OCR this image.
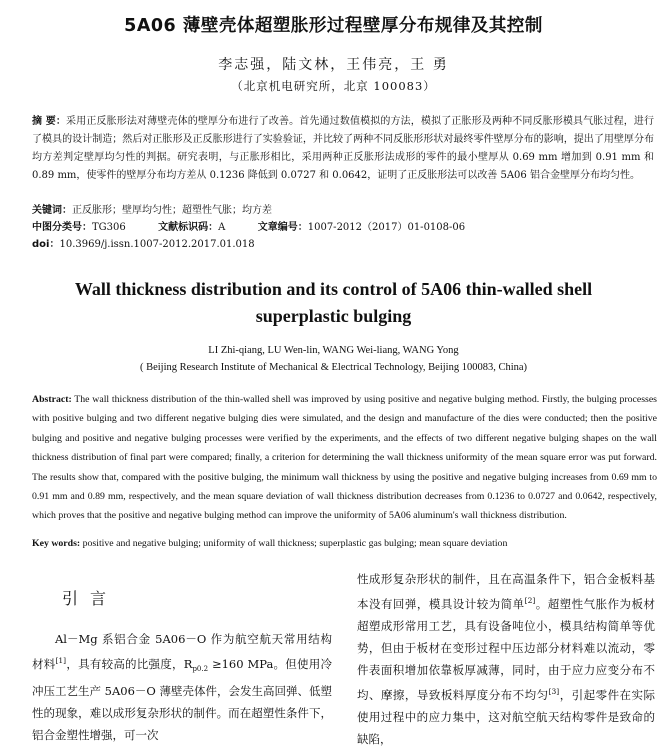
5A06 薄壁壳体超塑胀形过程壁厚分布规律及其控制
李志强，陆文林，王伟亮，王 勇
（北京机电研究所，北京 100083）
摘 要：采用正反胀形法对薄壁壳体的壁厚分布进行了改善。首先通过数值模拟的方法，模拟了正胀形及两种不同反胀形模具气胀过程，进行了模具的设计制造；然后对正胀形及正反胀形进行了实验验证，并比较了两种不同反胀形形状对最终零件壁厚分布的影响，提出了用壁厚分布均方差判定壁厚均匀性的判据。研究表明，与正胀形相比，采用两种正反胀形法成形的零件的最小壁厚从 0.69 mm 增加到 0.91 mm 和 0.89 mm，使零件的壁厚分布均方差从 0.1236 降低到 0.0727 和 0.0642，证明了正反胀形法可以改善 5A06 铝合金壁厚分布均匀性。
关键词：正反胀形；壁厚均匀性；超塑性气胀；均方差
中图分类号：TG306	文献标识码：A	文章编号：1007-2012（2017）01-0108-06
doi：10.3969/j.issn.1007-2012.2017.01.018
Wall thickness distribution and its control of 5A06 thin-walled shell
superplastic bulging
LI Zhi-qiang, LU Wen-lin, WANG Wei-liang, WANG Yong
( Beijing Research Institute of Mechanical & Electrical Technology, Beijing 100083, China)
Abstract: The wall thickness distribution of the thin-walled shell was improved by using positive and negative bulging method. Firstly, the bulging processes with positive bulging and two different negative bulging dies were simulated, and the design and manufacture of the dies were conducted; then the positive bulging and positive and negative bulging processes were verified by the experiments, and the effects of two different negative bulging shapes on the wall thickness distribution of final part were compared; finally, a criterion for determining the wall thickness uniformity of the mean square error was put forward. The results show that, compared with the positive bulging, the minimum wall thickness by using the positive and negative bulging increases from 0.69 mm to 0.91 mm and 0.89 mm, respectively, and the mean square deviation of wall thickness distribution decreases from 0.1236 to 0.0727 and 0.0642, respectively, which proves that the positive and negative bulging method can improve the uniformity of 5A06 aluminum's wall thickness distribution.
Key words: positive and negative bulging; uniformity of wall thickness; superplastic gas bulging; mean square deviation
引言
Al－Mg 系铝合金 5A06－O 作为航空航天常用结构材料[1]，具有较高的比强度，$R_{p0.2} \ge 160$ MPa。但使用冷冲压工艺生产 5A06－O 薄壁壳体件，会发生高回弹、低塑性的现象，难以成形复杂形状的制件。而在超塑性条件下，铝合金塑性增强，可一次
性成形复杂形状的制件，且在高温条件下，铝合金板料基本没有回弹，模具设计较为简单[2]。超塑性气胀作为板材超塑成形常用工艺，具有设备吨位小，模具结构简单等优势，但由于板材在变形过程中压边部分材料难以流动，零件表面积增加依靠板厚减薄，同时，由于应力应变分布不均、摩擦，导致板料厚度分布不均匀[3]，引起零件在实际使用过程中的应力集中，这对航空航天结构零件是致命的缺陷，
